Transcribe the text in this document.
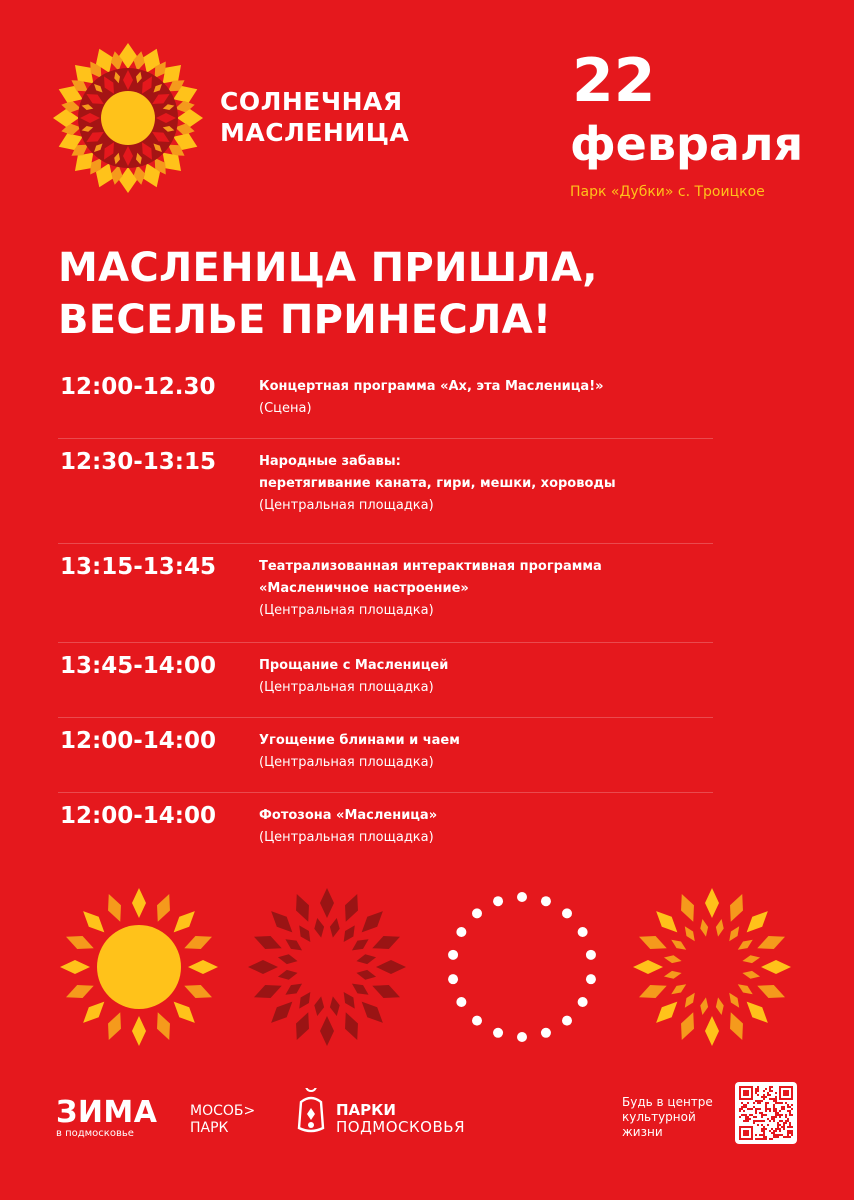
СОЛНЕЧНАЯ
МАСЛЕНИЦА
22
февраля
Парк «Дубки» с. Троицкое
МАСЛЕНИЦА ПРИШЛА,
ВЕСЕЛЬЕ ПРИНЕСЛА!
12:00-12.30	Концертная программа «Ах, эта Масленица!»
(Сцена)
12:30-13:15	Народные забавы:
перетягивание каната, гири, мешки, хороводы
(Центральная площадка)
13:15-13:45	Театрализованная интерактивная программа
«Масленичное настроение»
(Центральная площадка)
13:45-14:00	Прощание с Масленицей
(Центральная площадка)
12:00-14:00	Угощение блинами и чаем
(Центральная площадка)
12:00-14:00	Фотозона «Масленица»
(Центральная площадка)
ЗИМА
в подмосковье
МОСОБ>
ПАРК
ПАРКИ
ПОДМОСКОВЬЯ
Будь в центре
культурной
жизни
